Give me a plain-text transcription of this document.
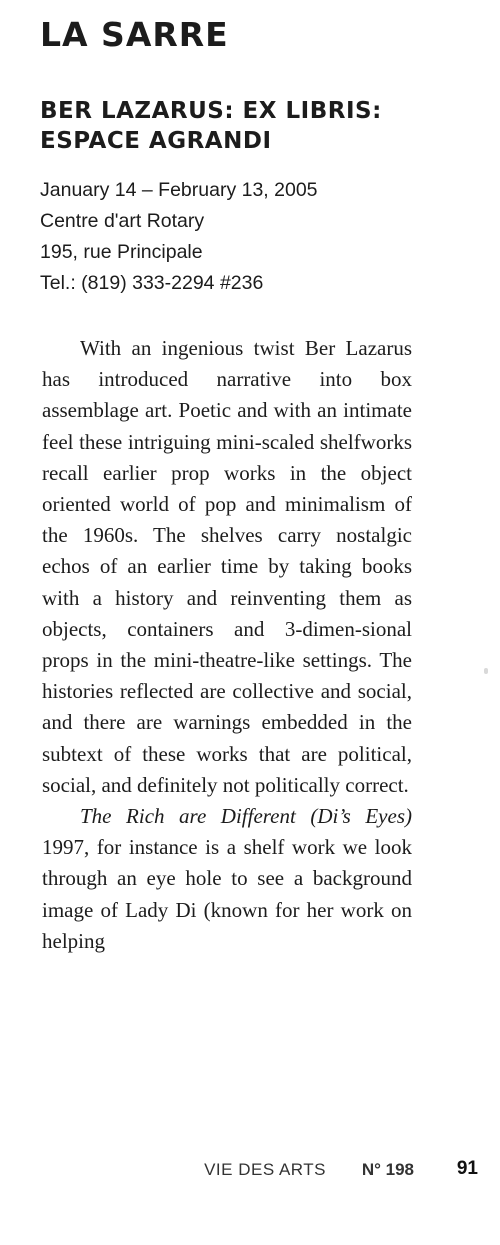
LA SARRE
BER LAZARUS: EX LIBRIS:
ESPACE AGRANDI
January 14 – February 13, 2005
Centre d'art Rotary
195, rue Principale
Tel.: (819) 333-2294 #236

With an ingenious twist Ber Lazarus has introduced narrative into box assemblage art. Poetic and with an intimate feel these intriguing mini-scaled shelfworks recall earlier prop works in the object oriented world of pop and minimalism of the 1960s. The shelves carry nostalgic echos of an earlier time by taking books with a history and reinventing them as objects, containers and 3-dimen-sional props in the mini-theatre-like settings. The histories reflected are collective and social, and there are warnings embedded in the subtext of these works that are political, social, and definitely not politically correct.

The Rich are Different (Di’s Eyes) 1997, for instance is a shelf work we look through an eye hole to see a background image of Lady Di (known for her work on helping

VIE DES ARTS N° 198 91
